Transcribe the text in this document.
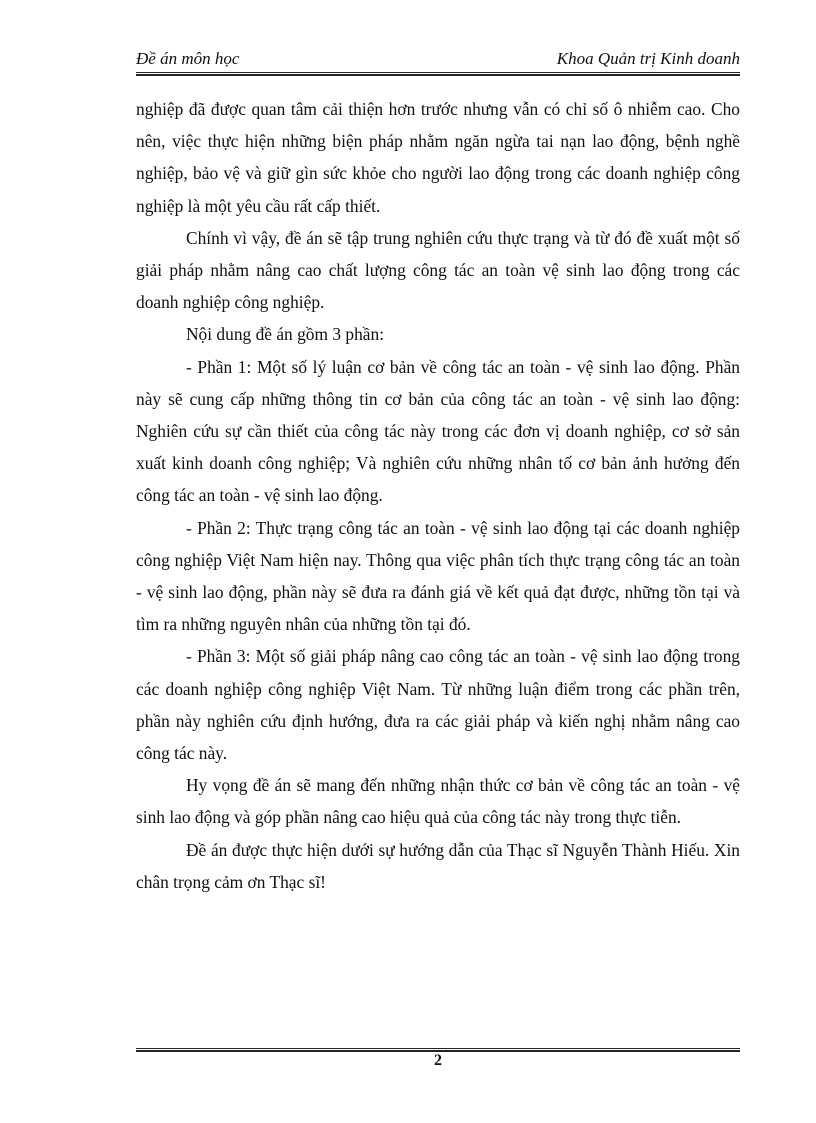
Đề án môn học	Khoa Quản trị Kinh doanh

nghiệp đã được quan tâm cải thiện hơn trước nhưng vẫn có chỉ số ô nhiễm cao. Cho nên, việc thực hiện những biện pháp nhằm ngăn ngừa tai nạn lao động, bệnh nghề nghiệp, bảo vệ và giữ gìn sức khỏe cho người lao động trong các doanh nghiệp công nghiệp là một yêu cầu rất cấp thiết.

Chính vì vậy, đề án sẽ tập trung nghiên cứu thực trạng và từ đó đề xuất một số giải pháp nhằm nâng cao chất lượng công tác an toàn vệ sinh lao động trong các doanh nghiệp công nghiệp.

Nội dung đề án gồm 3 phần:

- Phần 1: Một số lý luận cơ bản về công tác an toàn - vệ sinh lao động. Phần này sẽ cung cấp những thông tin cơ bản của công tác an toàn - vệ sinh lao động: Nghiên cứu sự cần thiết của công tác này trong các đơn vị doanh nghiệp, cơ sở sản xuất kinh doanh công nghiệp; Và nghiên cứu những nhân tố cơ bản ảnh hưởng đến công tác an toàn - vệ sinh lao động.

- Phần 2: Thực trạng công tác an toàn - vệ sinh lao động tại các doanh nghiệp công nghiệp Việt Nam hiện nay. Thông qua việc phân tích thực trạng công tác an toàn - vệ sinh lao động, phần này sẽ đưa ra đánh giá về kết quả đạt được, những tồn tại và tìm ra những nguyên nhân của những tồn tại đó.

- Phần 3: Một số giải pháp nâng cao công tác an toàn - vệ sinh lao động trong các doanh nghiệp công nghiệp Việt Nam. Từ những luận điểm trong các phần trên, phần này nghiên cứu định hướng, đưa ra các giải pháp và kiến nghị nhằm nâng cao công tác này.

Hy vọng đề án sẽ mang đến những nhận thức cơ bản về công tác an toàn - vệ sinh lao động và góp phần nâng cao hiệu quả của công tác này trong thực tiễn.

Đề án được thực hiện dưới sự hướng dẫn của Thạc sĩ Nguyễn Thành Hiếu. Xin chân trọng cảm ơn Thạc sĩ!

2
